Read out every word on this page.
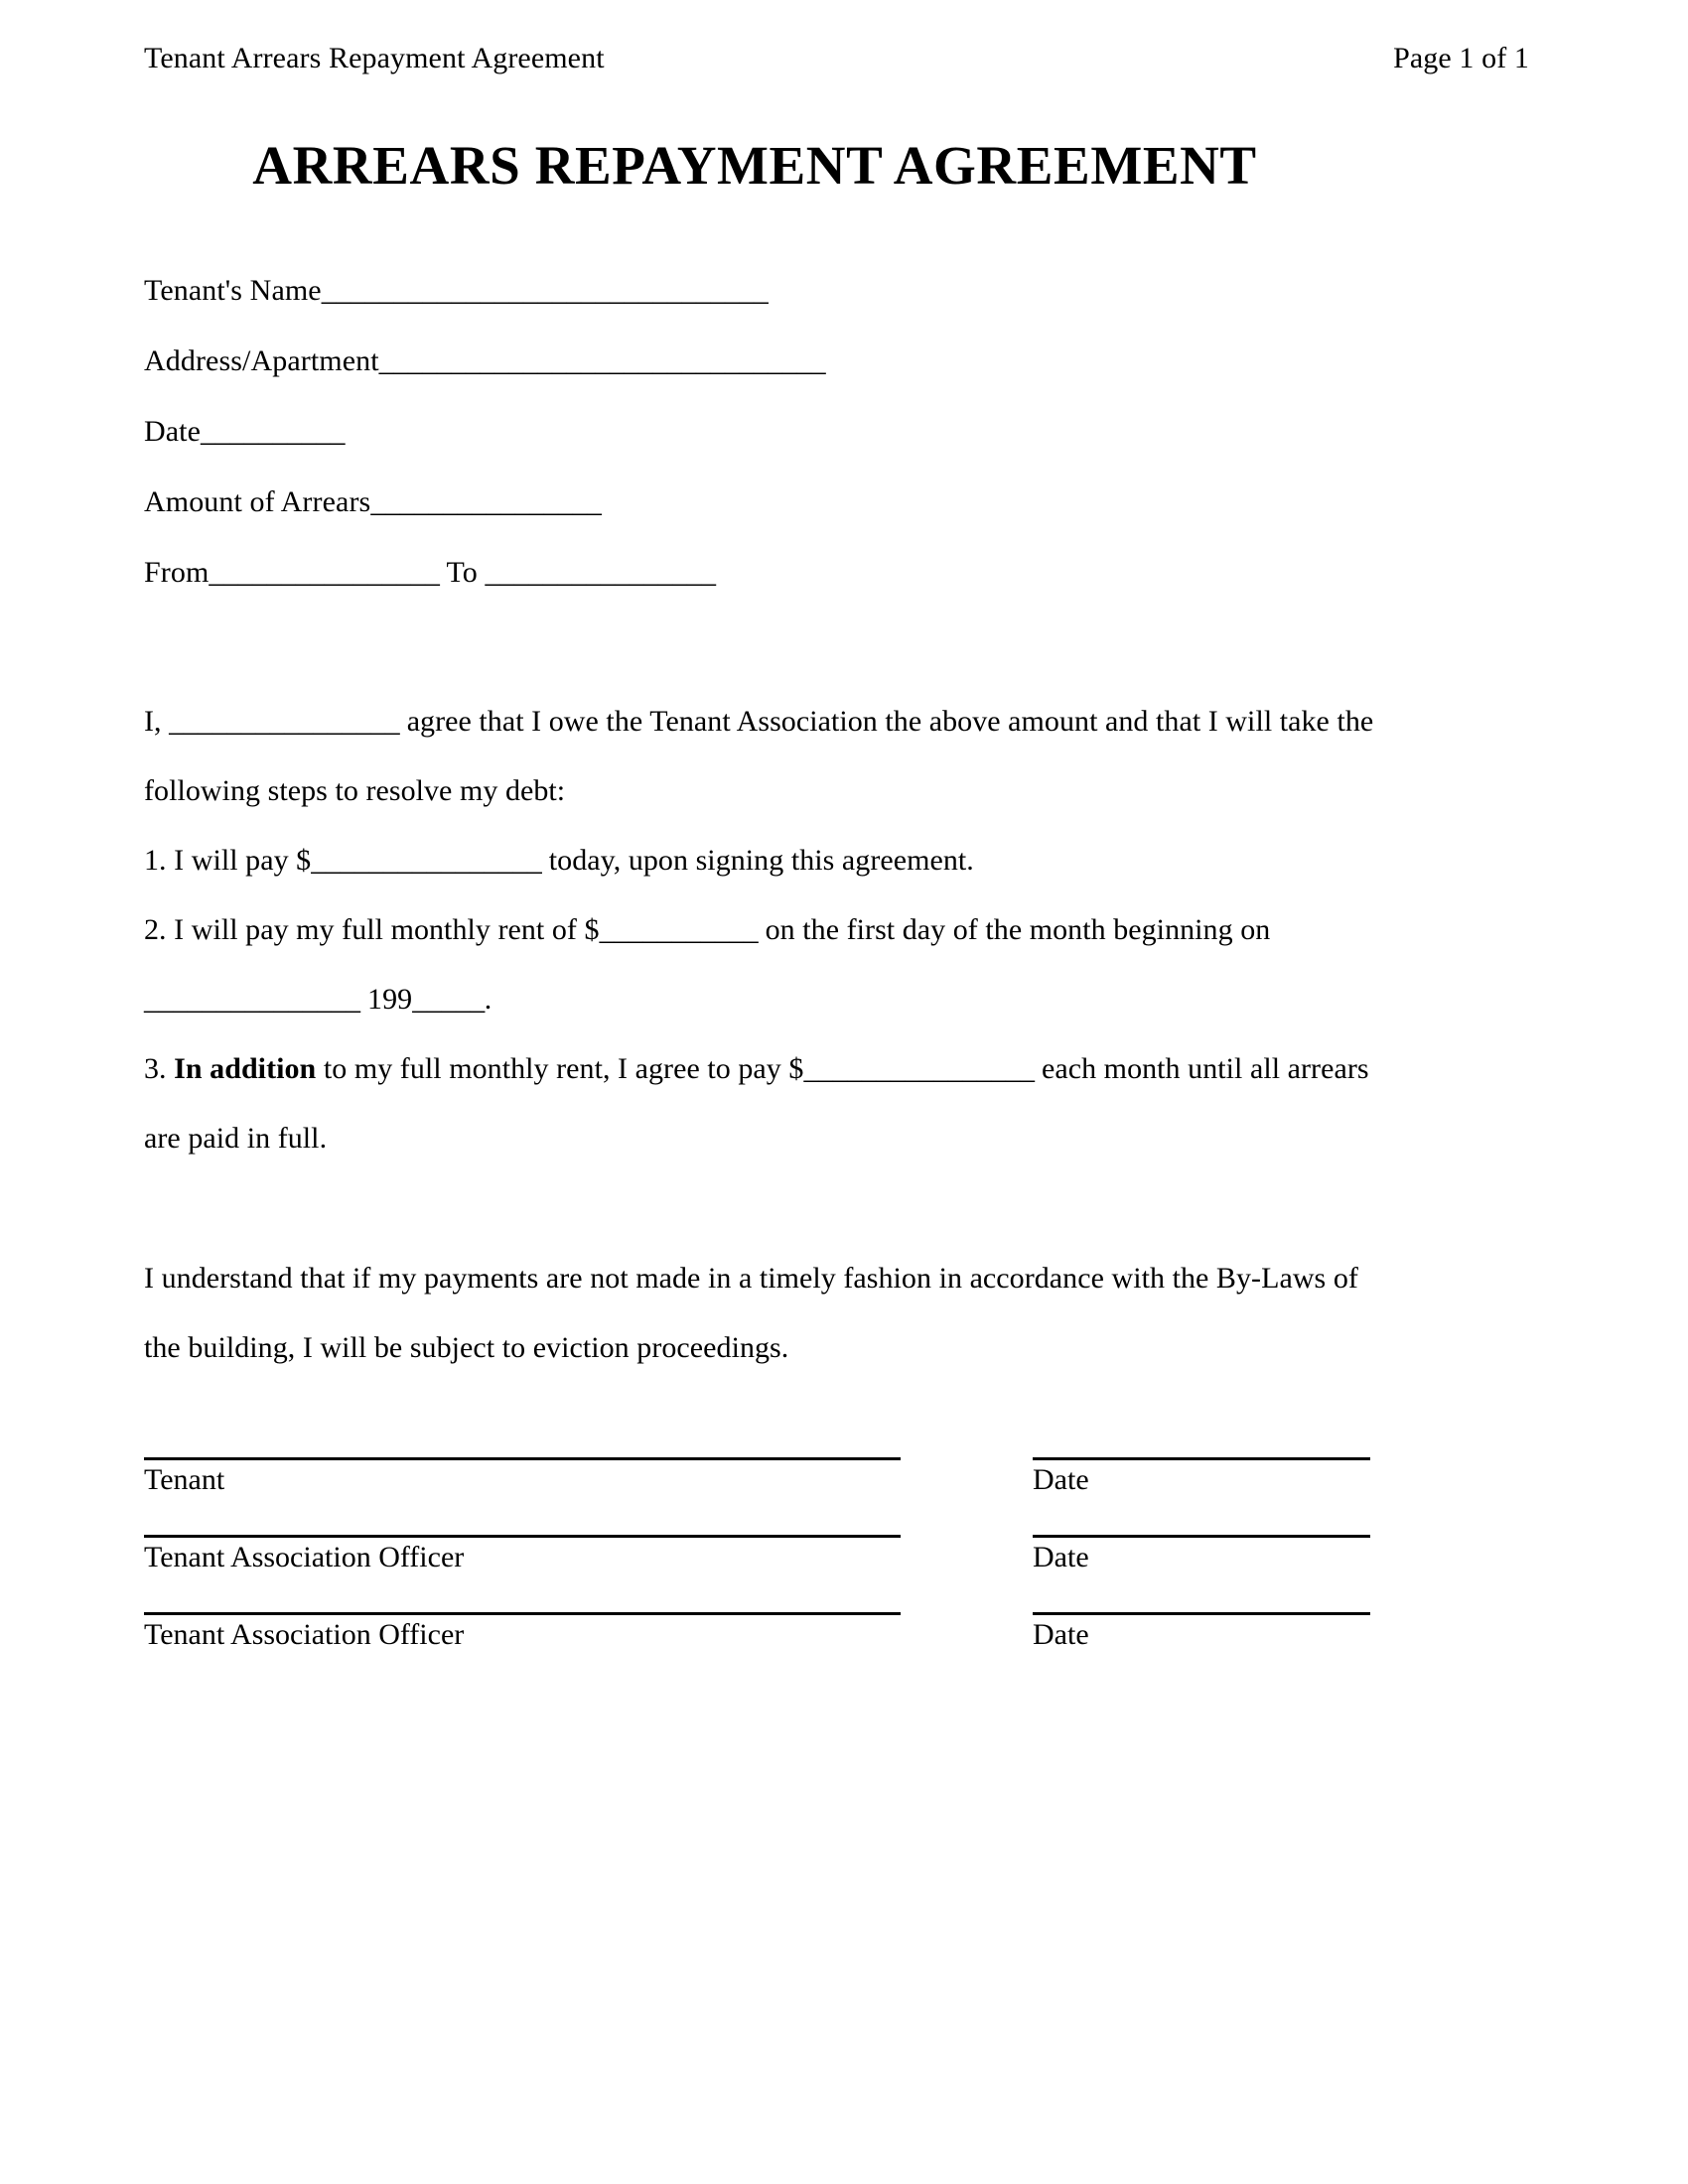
Tenant Arrears Repayment Agreement	Page 1 of 1
ARREARS REPAYMENT AGREEMENT
Tenant's Name_______________________________
Address/Apartment_______________________________
Date__________
Amount of Arrears________________
From________________ To ________________
I, ________________ agree that I owe the Tenant Association the above amount and that I will take the
following steps to resolve my debt:
1. I will pay $________________ today, upon signing this agreement.
2. I will pay my full monthly rent of $___________ on the first day of the month beginning on
_______________ 199_____.
3. In addition to my full monthly rent, I agree to pay $________________ each month until all arrears
are paid in full.
I understand that if my payments are not made in a timely fashion in accordance with the By-Laws of
the building, I will be subject to eviction proceedings.
Tenant	Date
Tenant Association Officer	Date
Tenant Association Officer	Date
